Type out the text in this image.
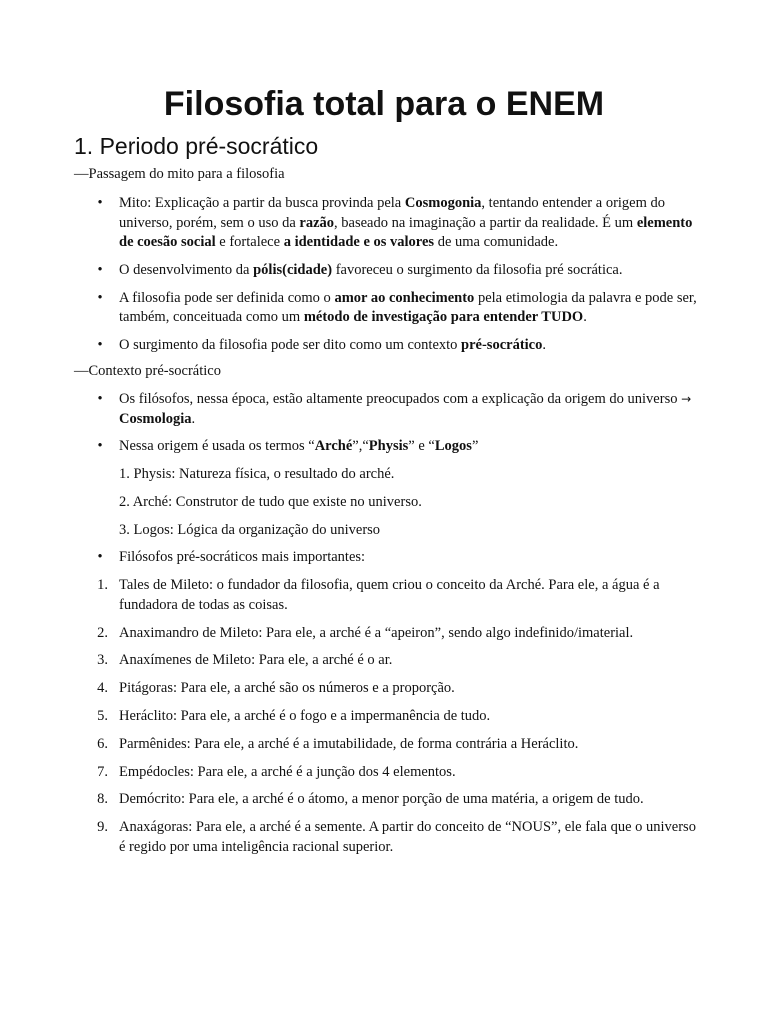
Filosofia total para o ENEM
1. Periodo pré-socrático

—Passagem do mito para a filosofia

• Mito: Explicação a partir da busca provinda pela Cosmogonia, tentando entender a origem do universo, porém, sem o uso da razão, baseado na imaginação a partir da realidade. É um elemento de coesão social e fortalece a identidade e os valores de uma comunidade.
• O desenvolvimento da pólis(cidade) favoreceu o surgimento da filosofia pré socrática.
• A filosofia pode ser definida como o amor ao conhecimento pela etimologia da palavra e pode ser, também, conceituada como um método de investigação para entender TUDO.
• O surgimento da filosofia pode ser dito como um contexto pré-socrático.

—Contexto pré-socrático

• Os filósofos, nessa época, estão altamente preocupados com a explicação da origem do universo → Cosmologia.
• Nessa origem é usada os termos “Arché”,“Physis” e “Logos”
1. Physis: Natureza física, o resultado do arché.
2. Arché: Construtor de tudo que existe no universo.
3. Logos: Lógica da organização do universo
• Filósofos pré-socráticos mais importantes:
1. Tales de Mileto: o fundador da filosofia, quem criou o conceito da Arché. Para ele, a água é a fundadora de todas as coisas.
2. Anaximandro de Mileto: Para ele, a arché é a “apeiron”, sendo algo indefinido/imaterial.
3. Anaxímenes de Mileto: Para ele, a arché é o ar.
4. Pitágoras: Para ele, a arché são os números e a proporção.
5. Heráclito: Para ele, a arché é o fogo e a impermanência de tudo.
6. Parmênides: Para ele, a arché é a imutabilidade, de forma contrária a Heráclito.
7. Empédocles: Para ele, a arché é a junção dos 4 elementos.
8. Demócrito: Para ele, a arché é o átomo, a menor porção de uma matéria, a origem de tudo.
9. Anaxágoras: Para ele, a arché é a semente. A partir do conceito de “NOUS”, ele fala que o universo é regido por uma inteligência racional superior.
